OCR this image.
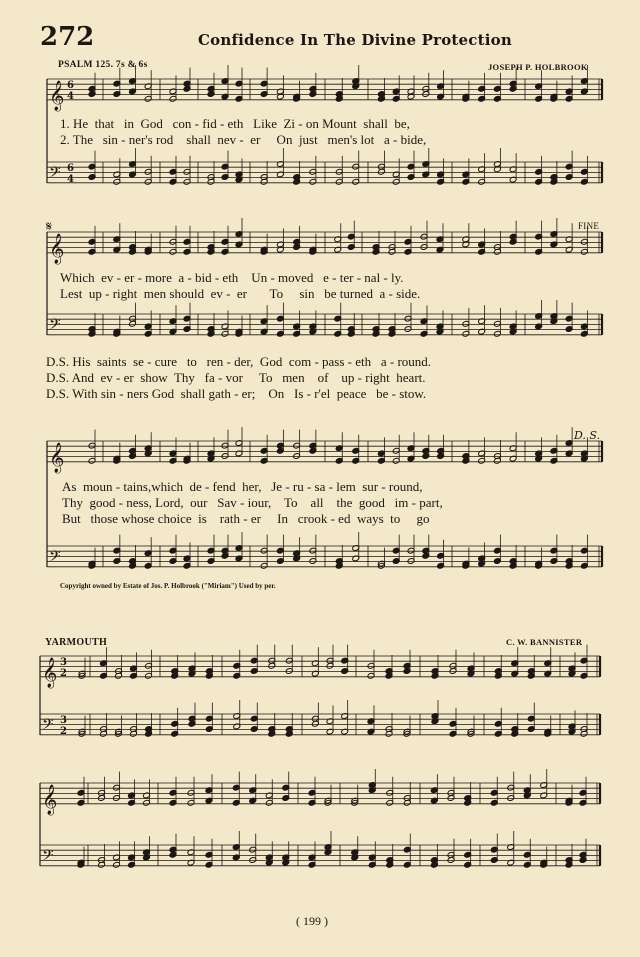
272	Confidence In The Divine Protection
PSALM 125. 7s & 6s	JOSEPH P. HOLBROOK
𝄞 6
4
𝄢 6
4
𝄞
𝄢
𝄞
𝄢
𝄞 3
2
𝄢 3
2
𝄞
𝄢
1. He  that   in  God   con - fid - eth   Like  Zi - on Mount  shall  be,
2. The   sin - ner's rod    shall  nev -  er     On  just   men's lot   a - bide,
𝄋	FINE
Which  ev - er - more  a - bid - eth    Un - moved   e - ter - nal - ly.
Lest  up - right  men should  ev -  er       To     sin   be turned  a - side.
D.S. His  saints  se - cure   to   ren - der,  God  com - pass - eth   a - round.
D.S. And  ev - er  show  Thy   fa - vor     To   men    of    up - right  heart.
D.S. With sin - ners God  shall gath - er;    On   Is - r'el  peace   be - stow.
D. S.
As  moun - tains,which  de - fend  her,   Je - ru - sa - lem  sur - round,
Thy  good - ness, Lord,  our   Sav - iour,    To    all    the  good   im - part,
But   those whose choice  is    rath - er     In   crook - ed  ways  to     go
Copyright owned by Estate of Jos. P. Holbrook ("Miriam") Used by per.
YARMOUTH	C. W. BANNISTER
( 199 )
